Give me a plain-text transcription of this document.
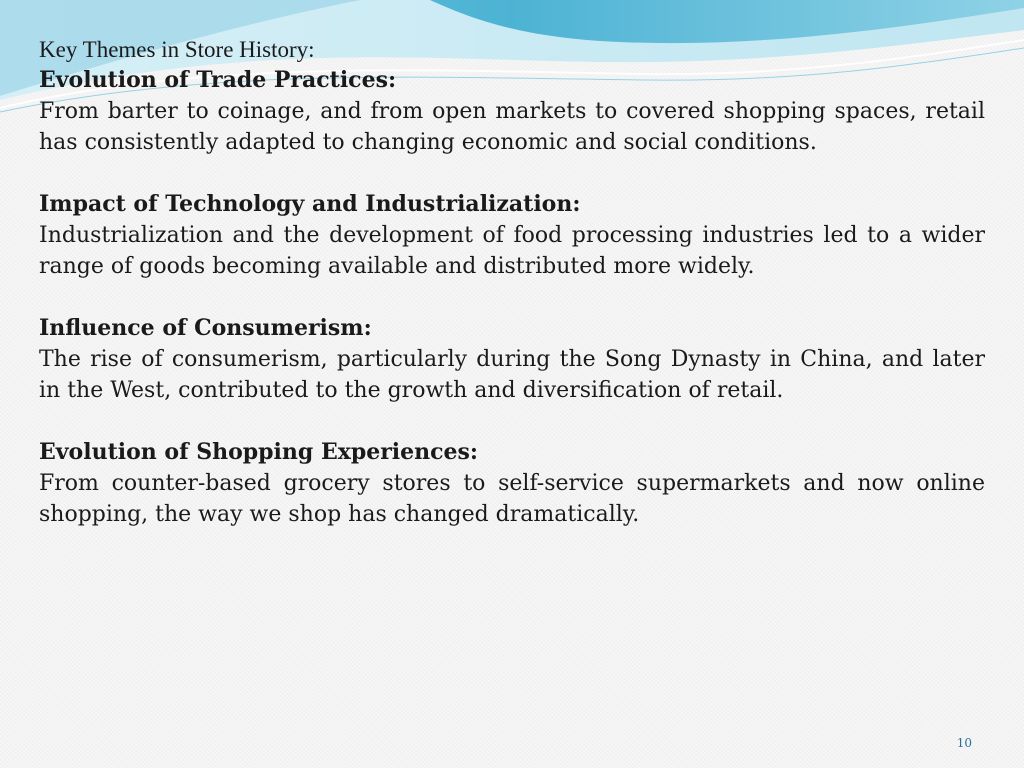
Key Themes in Store History:

Evolution of Trade Practices:

From barter to coinage, and from open markets to covered shopping spaces, retail has consistently adapted to changing economic and social conditions.

Impact of Technology and Industrialization:

Industrialization and the development of food processing industries led to a wider range of goods becoming available and distributed more widely.

Influence of Consumerism:

The rise of consumerism, particularly during the Song Dynasty in China, and later in the West, contributed to the growth and diversification of retail.

Evolution of Shopping Experiences:

From counter-based grocery stores to self-service supermarkets and now online shopping, the way we shop has changed dramatically.

10
